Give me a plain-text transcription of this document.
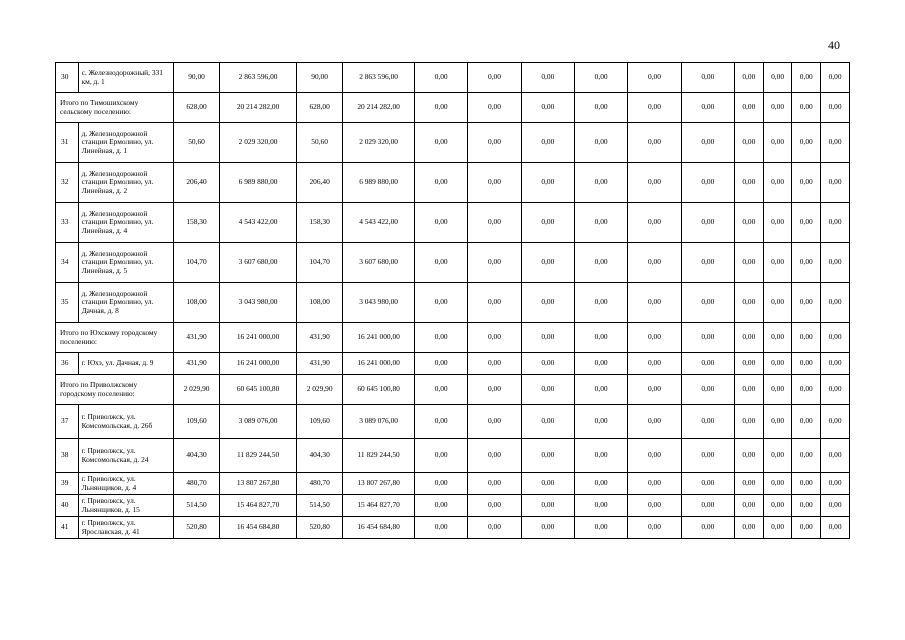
40
30	с. Железнодорожный, 331 км, д. 1	90,00	2 863 596,00	90,00	2 863 596,00	0,00	0,00	0,00	0,00	0,00	0,00	0,00	0,00	0,00	0,00
Итого по Тимошихскому сельскому поселению:		628,00	20 214 282,00	628,00	20 214 282,00	0,00	0,00	0,00	0,00	0,00	0,00	0,00	0,00	0,00	0,00
31	д. Железнодорожной станции Ермолино, ул. Линейная, д. 1	50,60	2 029 320,00	50,60	2 029 320,00	0,00	0,00	0,00	0,00	0,00	0,00	0,00	0,00	0,00	0,00
32	д. Железнодорожной станции Ермолино, ул. Линейная, д. 2	206,40	6 989 880,00	206,40	6 989 880,00	0,00	0,00	0,00	0,00	0,00	0,00	0,00	0,00	0,00	0,00
33	д. Железнодорожной станции Ермолино, ул. Линейная, д. 4	158,30	4 543 422,00	158,30	4 543 422,00	0,00	0,00	0,00	0,00	0,00	0,00	0,00	0,00	0,00	0,00
34	д. Железнодорожной станции Ермолино, ул. Линейная, д. 5	104,70	3 607 680,00	104,70	3 607 680,00	0,00	0,00	0,00	0,00	0,00	0,00	0,00	0,00	0,00	0,00
35	д. Железнодорожной станции Ермолино, ул. Дачная, д. 8	108,00	3 043 980,00	108,00	3 043 980,00	0,00	0,00	0,00	0,00	0,00	0,00	0,00	0,00	0,00	0,00
Итого по Юхскому городскому поселению:		431,90	16 241 000,00	431,90	16 241 000,00	0,00	0,00	0,00	0,00	0,00	0,00	0,00	0,00	0,00	0,00
36	г. Юхэ, ул. Дачная, д. 9	431,90	16 241 000,00	431,90	16 241 000,00	0,00	0,00	0,00	0,00	0,00	0,00	0,00	0,00	0,00	0,00
Итого по Приволжскому городскому поселению:		2 029,90	60 645 100,80	2 029,90	60 645 100,80	0,00	0,00	0,00	0,00	0,00	0,00	0,00	0,00	0,00	0,00
37	г. Приволжск, ул. Комсомольская, д. 26б	109,60	3 089 076,00	109,60	3 089 076,00	0,00	0,00	0,00	0,00	0,00	0,00	0,00	0,00	0,00	0,00
38	г. Приволжск, ул. Комсомольская, д. 24	404,30	11 829 244,50	404,30	11 829 244,50	0,00	0,00	0,00	0,00	0,00	0,00	0,00	0,00	0,00	0,00
39	г. Приволжск, ул. Льнянщиков, д. 4	480,70	13 807 267,80	480,70	13 807 267,80	0,00	0,00	0,00	0,00	0,00	0,00	0,00	0,00	0,00	0,00
40	г. Приволжск, ул. Льнянщиков, д. 15	514,50	15 464 827,70	514,50	15 464 827,70	0,00	0,00	0,00	0,00	0,00	0,00	0,00	0,00	0,00	0,00
41	г. Приволжск, ул. Ярославская, д. 41	520,80	16 454 684,80	520,80	16 454 684,80	0,00	0,00	0,00	0,00	0,00	0,00	0,00	0,00	0,00	0,00
